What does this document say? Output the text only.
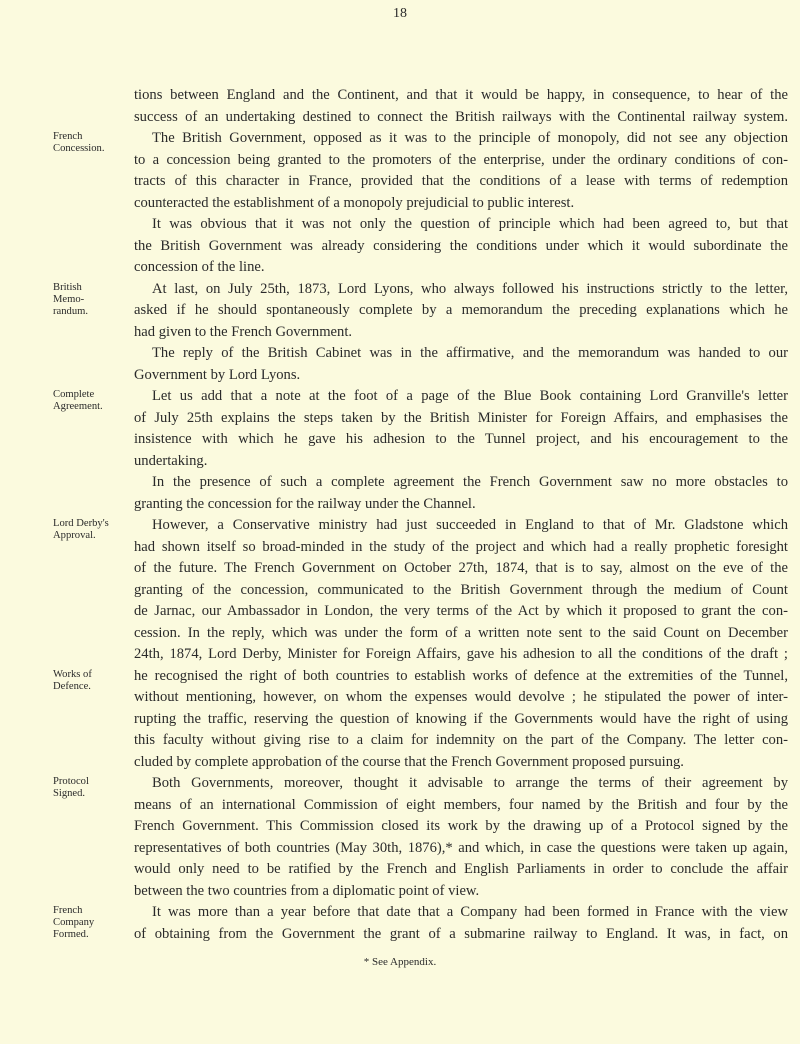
18
tions between England and the Continent, and that it would be happy, in consequence, to hear of the
success of an undertaking destined to connect the British railways with the Continental railway system.
The British Government, opposed as it was to the principle of monopoly, did not see any objection
to a concession being granted to the promoters of the enterprise, under the ordinary conditions of con-
tracts of this character in France, provided that the conditions of a lease with terms of redemption
counteracted the establishment of a monopoly prejudicial to public interest.
It was obvious that it was not only the question of principle which had been agreed to, but that
the British Government was already considering the conditions under which it would subordinate the
concession of the line.
At last, on July 25th, 1873, Lord Lyons, who always followed his instructions strictly to the letter,
asked if he should spontaneously complete by a memorandum the preceding explanations which he
had given to the French Government.
The reply of the British Cabinet was in the affirmative, and the memorandum was handed to our
Government by Lord Lyons.
Let us add that a note at the foot of a page of the Blue Book containing Lord Granville's letter
of July 25th explains the steps taken by the British Minister for Foreign Affairs, and emphasises the
insistence with which he gave his adhesion to the Tunnel project, and his encouragement to the
undertaking.
In the presence of such a complete agreement the French Government saw no more obstacles to
granting the concession for the railway under the Channel.
However, a Conservative ministry had just succeeded in England to that of Mr. Gladstone which
had shown itself so broad-minded in the study of the project and which had a really prophetic foresight
of the future. The French Government on October 27th, 1874, that is to say, almost on the eve of the
granting of the concession, communicated to the British Government through the medium of Count
de Jarnac, our Ambassador in London, the very terms of the Act by which it proposed to grant the con-
cession. In the reply, which was under the form of a written note sent to the said Count on December
24th, 1874, Lord Derby, Minister for Foreign Affairs, gave his adhesion to all the conditions of the draft ;
he recognised the right of both countries to establish works of defence at the extremities of the Tunnel,
without mentioning, however, on whom the expenses would devolve ; he stipulated the power of inter-
rupting the traffic, reserving the question of knowing if the Governments would have the right of using
this faculty without giving rise to a claim for indemnity on the part of the Company. The letter con-
cluded by complete approbation of the course that the French Government proposed pursuing.
Both Governments, moreover, thought it advisable to arrange the terms of their agreement by
means of an international Commission of eight members, four named by the British and four by the
French Government. This Commission closed its work by the drawing up of a Protocol signed by the
representatives of both countries (May 30th, 1876),* and which, in case the questions were taken up again,
would only need to be ratified by the French and English Parliaments in order to conclude the affair
between the two countries from a diplomatic point of view.
It was more than a year before that date that a Company had been formed in France with the view
of obtaining from the Government the grant of a submarine railway to England. It was, in fact, on
French
Concession.
British
Memo-
randum.
Complete
Agreement.
Lord Derby's
Approval.
Works of
Defence.
Protocol
Signed.
French
Company
Formed.
* See Appendix.
